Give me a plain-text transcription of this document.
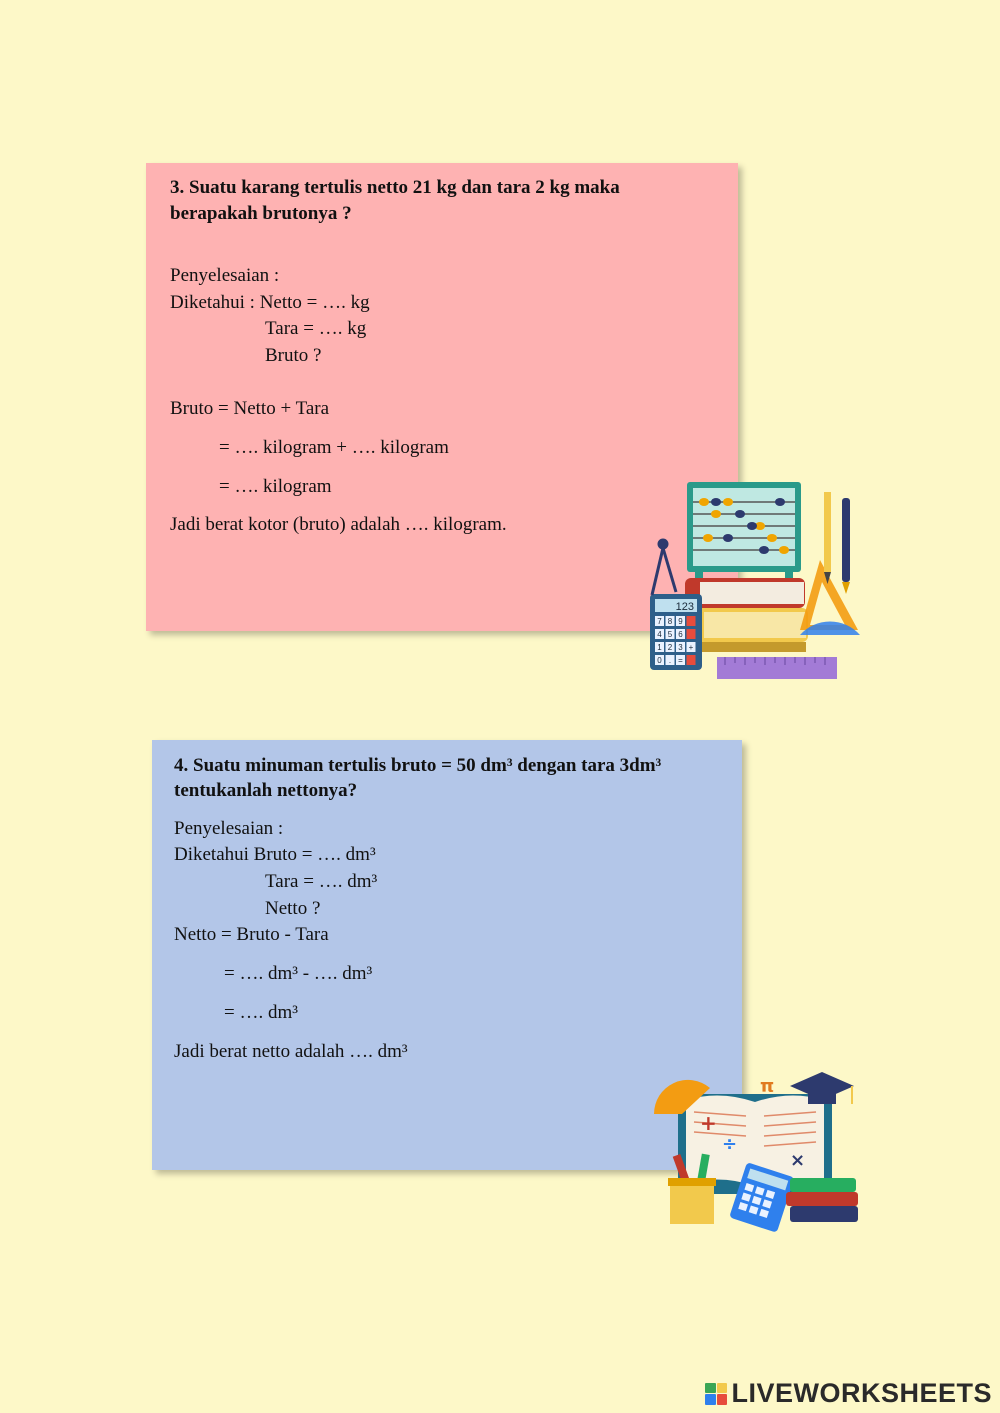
3. Suatu karang tertulis netto 21 kg dan tara 2 kg maka
berapakah brutonya ?
Penyelesaian :
Diketahui : Netto = …. kg
Tara = …. kg
Bruto ?
Bruto = Netto + Tara
= …. kilogram + …. kilogram
= …. kilogram
Jadi berat kotor (bruto) adalah …. kilogram.
4. Suatu minuman tertulis bruto = 50 dm³ dengan tara 3dm³
tentukanlah nettonya?
Penyelesaian :
Diketahui Bruto = …. dm³
Tara = …. dm³
Netto ?
Netto = Bruto - Tara
= …. dm³ - …. dm³
= …. dm³
Jadi berat netto adalah …. dm³
123
7 8 9
4 5 6
1 2 3 +
0 . =
π
+
÷
×
LIVEWORKSHEETS
